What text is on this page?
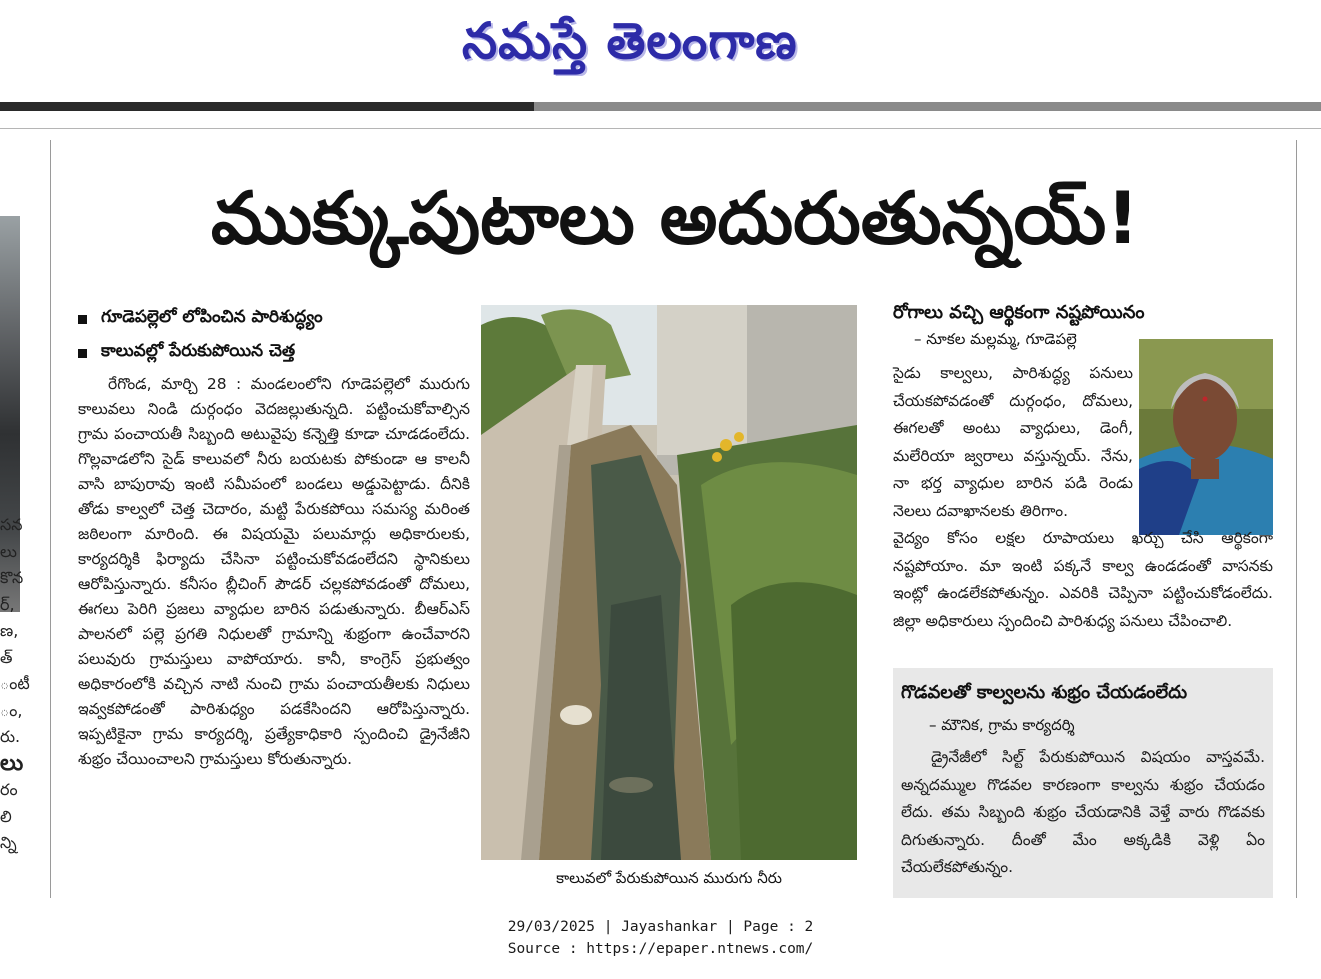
నమస్తే తెలంగాణ
సన
లు
కొన
ర్,
ణ,
త్
ంటీ
ం,
రు.
లు
రం
లి
న్ని
ముక్కుపుటాలు అదురుతున్నయ్!
గూడెపల్లెలో లోపించిన పారిశుద్ధ్యం
కాలువల్లో పేరుకుపోయిన చెత్త

రేగొండ, మార్చి 28 : మండలంలోని గూడెపల్లెలో మురుగు కాలువలు నిండి దుర్గంధం వెదజల్లుతున్నది. పట్టించుకోవాల్సిన గ్రామ పంచాయతీ సిబ్బంది అటువైపు కన్నెత్తి కూడా చూడడంలేదు. గొల్లవాడలోని సైడ్ కాలువలో నీరు బయటకు పోకుండా ఆ కాలనీ వాసి బాపురావు ఇంటి సమీపంలో బండలు అడ్డుపెట్టాడు. దీనికి తోడు కాల్వలో చెత్త చెదారం, మట్టి పేరుకపోయి సమస్య మరింత జఠిలంగా మారింది. ఈ విషయమై పలుమార్లు అధికారులకు, కార్యదర్శికి ఫిర్యాదు చేసినా పట్టించుకోవడంలేదని స్థానికులు ఆరోపిస్తున్నారు. కనీసం బ్లీచింగ్ పౌడర్ చల్లకపోవడంతో దోమలు, ఈగలు పెరిగి ప్రజలు వ్యాధుల బారిన పడుతున్నారు. బీఆర్ఎస్ పాలనలో పల్లె ప్రగతి నిధులతో గ్రామాన్ని శుభ్రంగా ఉంచేవారని పలువురు గ్రామస్తులు వాపోయారు. కానీ, కాంగ్రెస్ ప్రభుత్వం అధికారంలోకి వచ్చిన నాటి నుంచి గ్రామ పంచాయతీలకు నిధులు ఇవ్వకపోడంతో పారిశుధ్యం పడకేసిందని ఆరోపిస్తున్నారు. ఇప్పటికైనా గ్రామ కార్యదర్శి, ప్రత్యేకాధికారి స్పందించి డ్రైనేజీని శుభ్రం చేయించాలని గ్రామస్తులు కోరుతున్నారు.

కాలువలో పేరుకుపోయిన మురుగు నీరు
రోగాలు వచ్చి ఆర్థికంగా నష్టపోయినం
– నూకల మల్లమ్మ, గూడెపల్లె

సైడు కాల్వలు, పారిశుద్ధ్య పనులు చేయకపోవడంతో దుర్గంధం, దోమలు, ఈగలతో అంటు వ్యాధులు, డెంగీ, మలేరియా జ్వరాలు వస్తున్నయ్. నేను, నా భర్త వ్యాధుల బారిన పడి రెండు నెలలు దవాఖానలకు తిరిగాం.

వైద్యం కోసం లక్షల రూపాయలు ఖర్చు చేసి ఆర్థికంగా నష్టపోయాం. మా ఇంటి పక్కనే కాల్వ ఉండడంతో వాసనకు ఇంట్లో ఉండలేకపోతున్నం. ఎవరికి చెప్పినా పట్టించుకోడంలేదు. జిల్లా అధికారులు స్పందించి పారిశుధ్య పనులు చేపించాలి.

గొడవలతో కాల్వలను శుభ్రం చేయడంలేదు
– మౌనిక, గ్రామ కార్యదర్శి

డ్రైనేజీలో సిల్ట్ పేరుకుపోయిన విషయం వాస్తవమే. అన్నదమ్ముల గొడవల కారణంగా కాల్వను శుభ్రం చేయడం లేదు. తమ సిబ్బంది శుభ్రం చేయడానికి వెళ్తే వారు గొడవకు దిగుతున్నారు. దీంతో మేం అక్కడికి వెళ్లి ఏం చేయలేకపోతున్నం.

29/03/2025 | Jayashankar | Page : 2
Source : https://epaper.ntnews.com/
